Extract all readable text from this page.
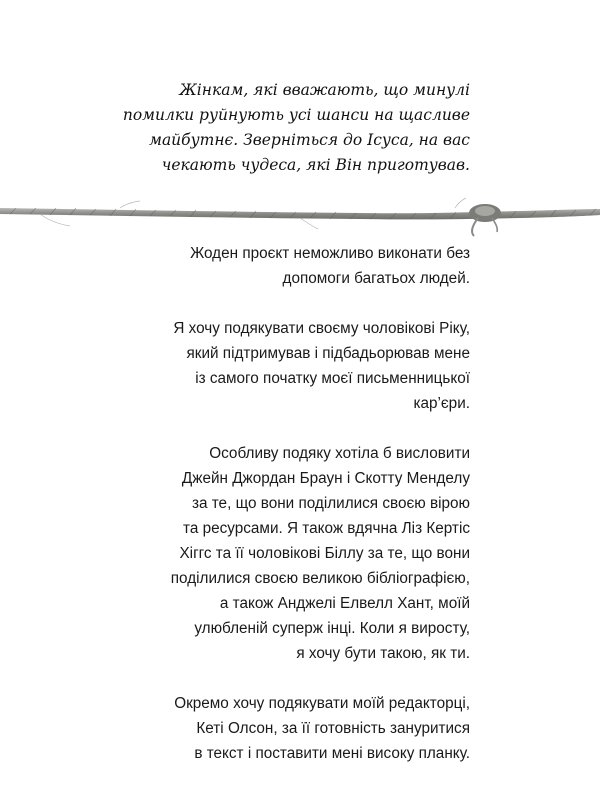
Жінкам, які вважають, що минулі
помилки руйнують усі шанси на щасливе
майбутнє. Зверніться до Ісуса, на вас
чекають чудеса, які Він приготував.

Жоден проєкт неможливо виконати без
допомоги багатьох людей.

Я хочу подякувати своєму чоловікові Ріку,
який підтримував і підбадьорював мене
із самого початку моєї письменницької
кар’єри.

Особливу подяку хотіла б висловити
Джейн Джордан Браун і Скотту Менделу
за те, що вони поділилися своєю вірою
та ресурсами. Я також вдячна Ліз Кертіс
Хіггс та її чоловікові Біллу за те, що вони
поділилися своєю великою бібліографією,
а також Анджелі Елвелл Хант, моїй
улюбленій суперж інці. Коли я виросту,
я хочу бути такою, як ти.

Окремо хочу подякувати моїй редакторці,
Кеті Олсон, за її готовність зануритися
в текст і поставити мені високу планку.
